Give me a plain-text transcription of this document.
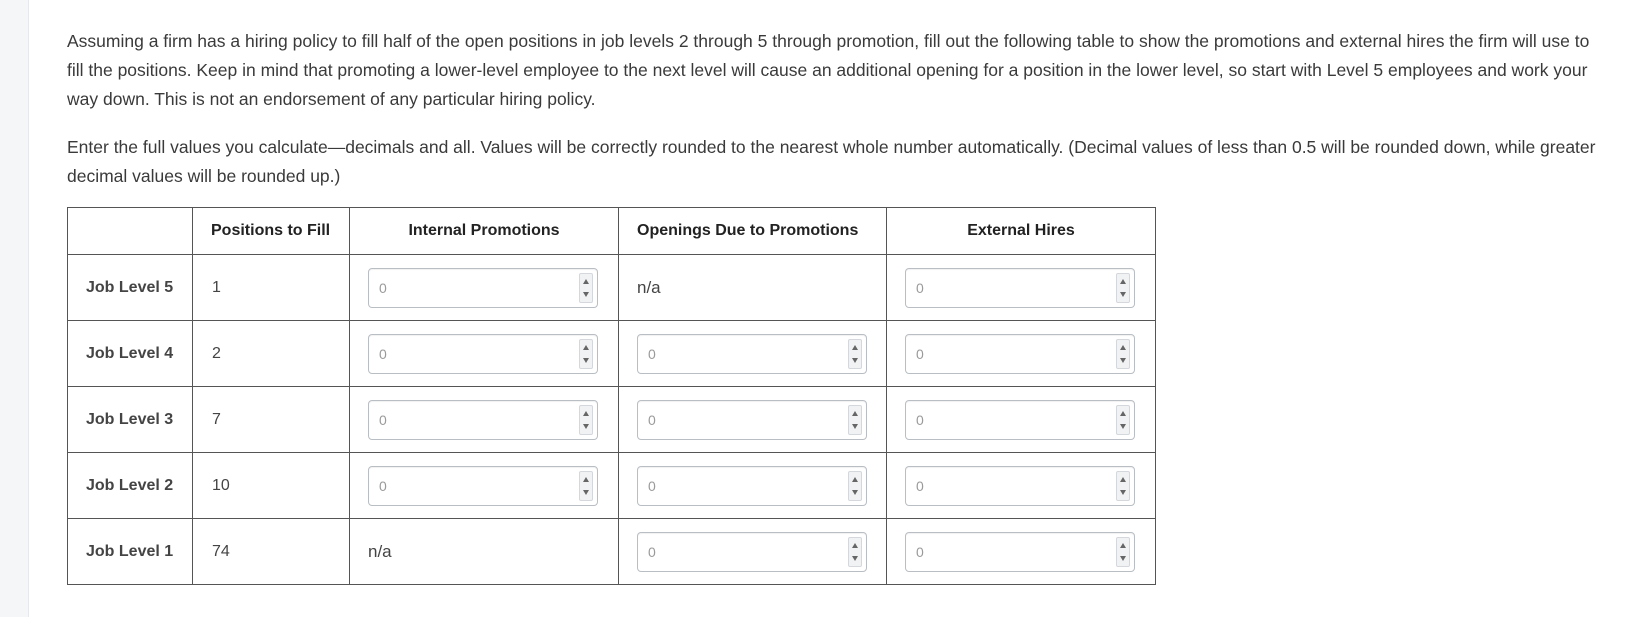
Assuming a firm has a hiring policy to fill half of the open positions in job levels 2 through 5 through promotion, fill out the following table to show the promotions and external hires the firm will use to fill the positions. Keep in mind that promoting a lower-level employee to the next level will cause an additional opening for a position in the lower level, so start with Level 5 employees and work your way down. This is not an endorsement of any particular hiring policy.

Enter the full values you calculate—decimals and all. Values will be correctly rounded to the nearest whole number automatically. (Decimal values of less than 0.5 will be rounded down, while greater decimal values will be rounded up.)

	Positions to Fill	Internal Promotions	Openings Due to Promotions	External Hires
Job Level 5	1	0	n/a	0

Job Level 4	2	0	0	0

Job Level 3	7	0	0	0

Job Level 2	10	0	0	0

Job Level 1	74	n/a	0	0
